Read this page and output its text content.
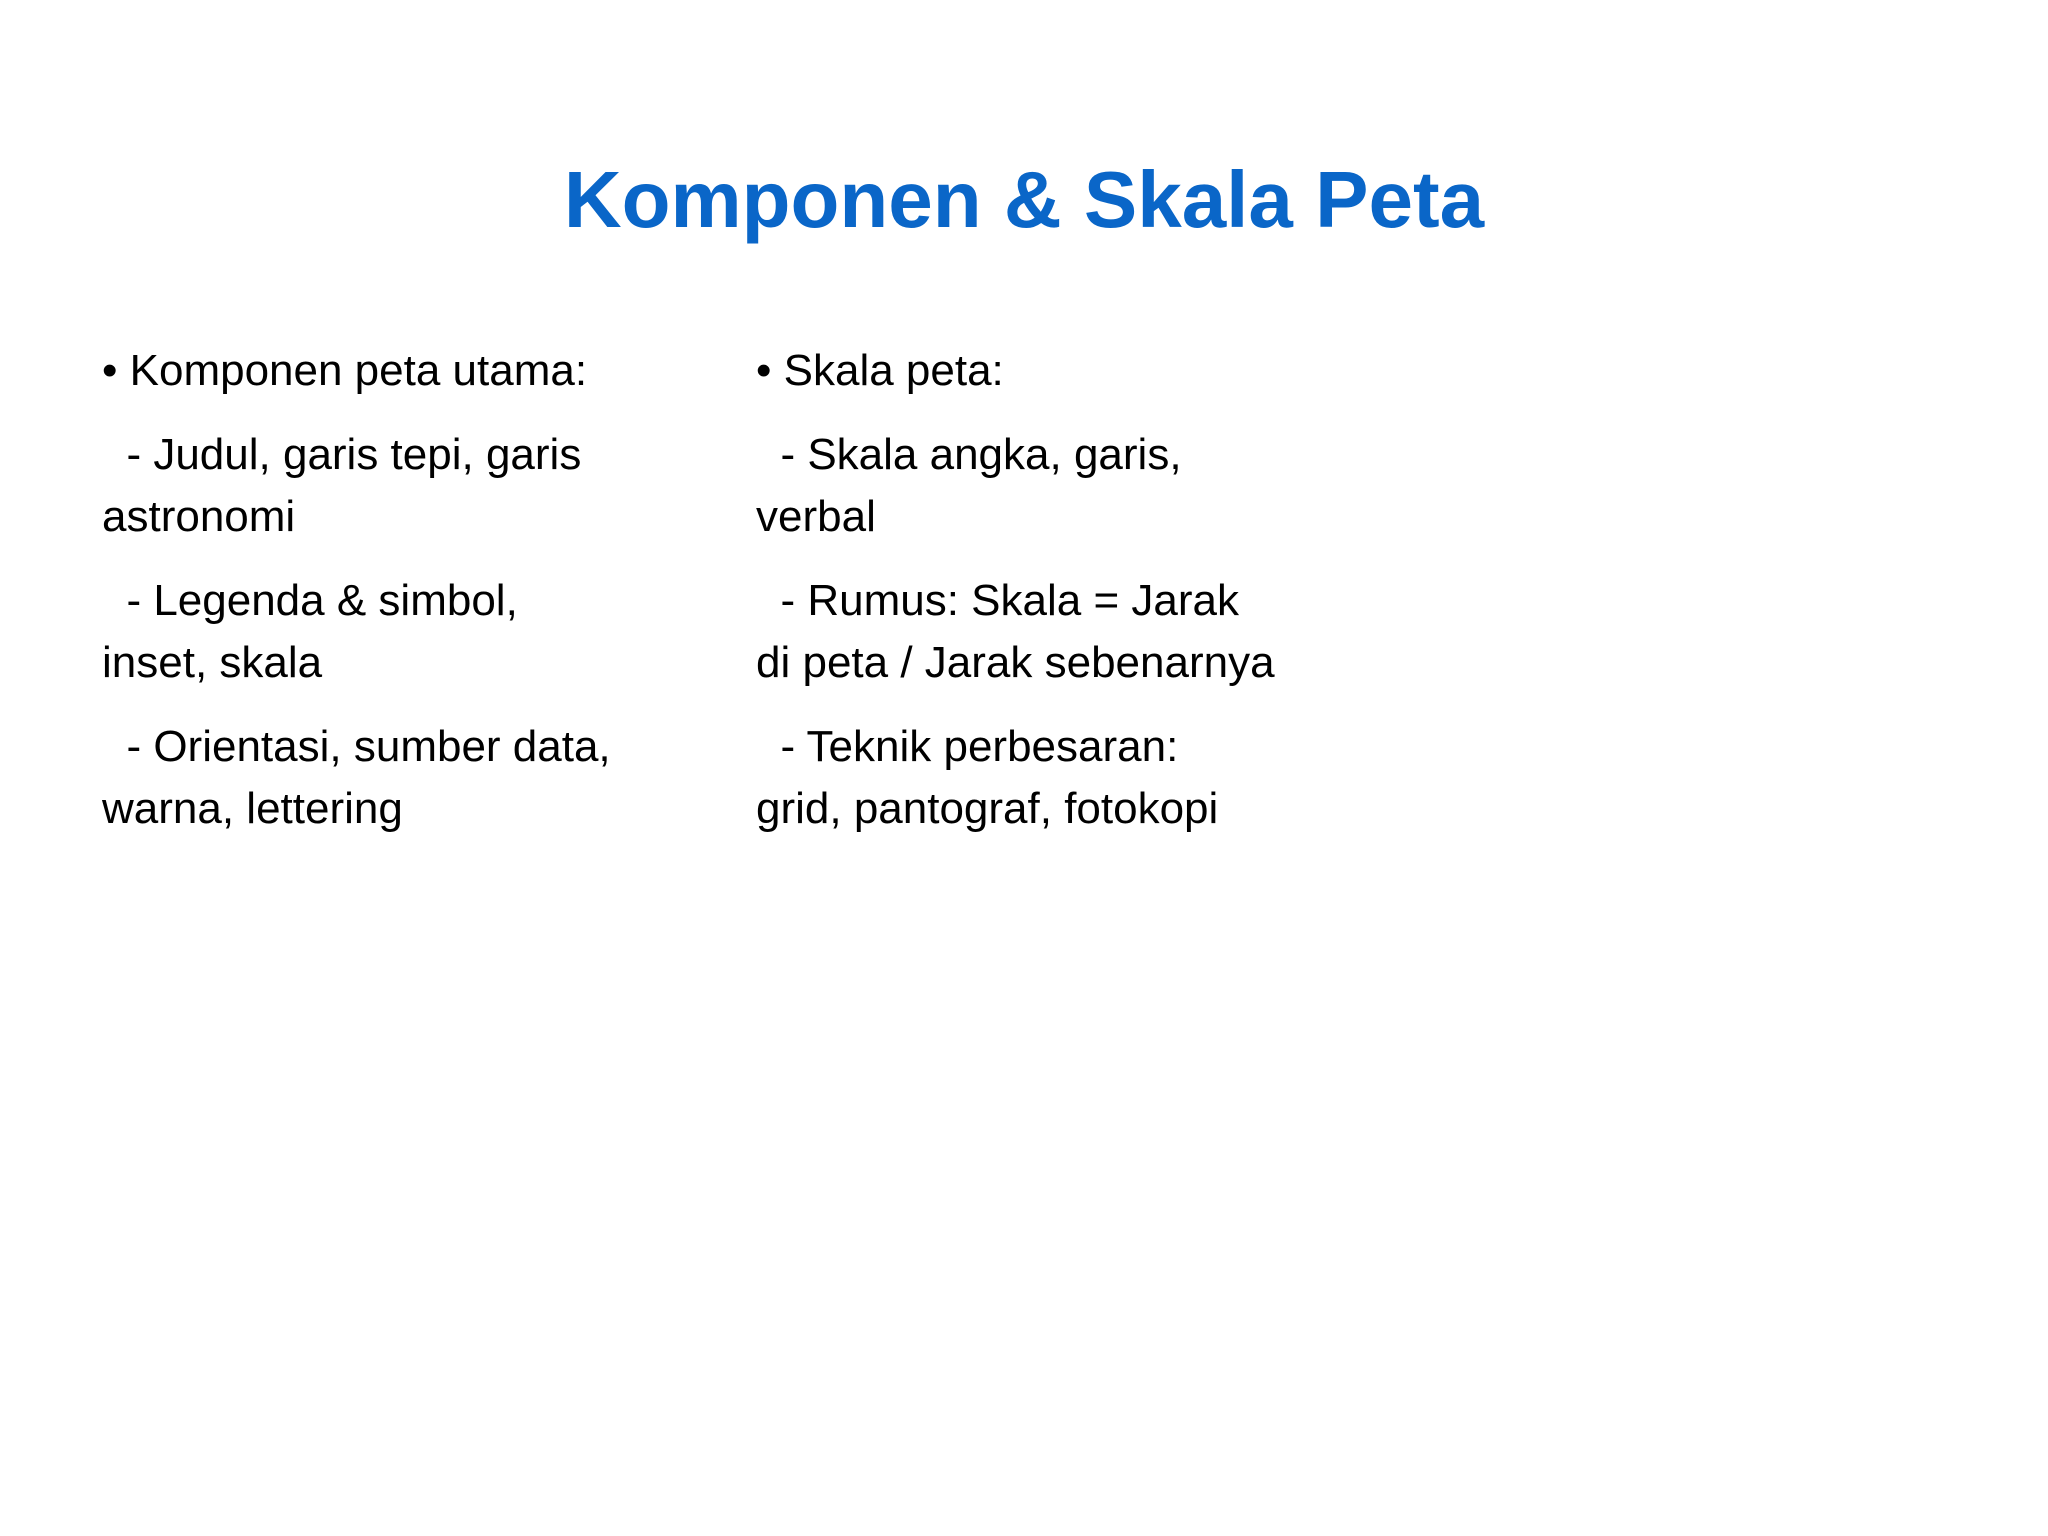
Komponen & Skala Peta

• Komponen peta utama:

- Judul, garis tepi, garis astronomi

- Legenda & simbol, inset, skala

- Orientasi, sumber data, warna, lettering

• Skala peta:

- Skala angka, garis, verbal

- Rumus: Skala = Jarak di peta / Jarak sebenarnya

- Teknik perbesaran: grid, pantograf, fotokopi
